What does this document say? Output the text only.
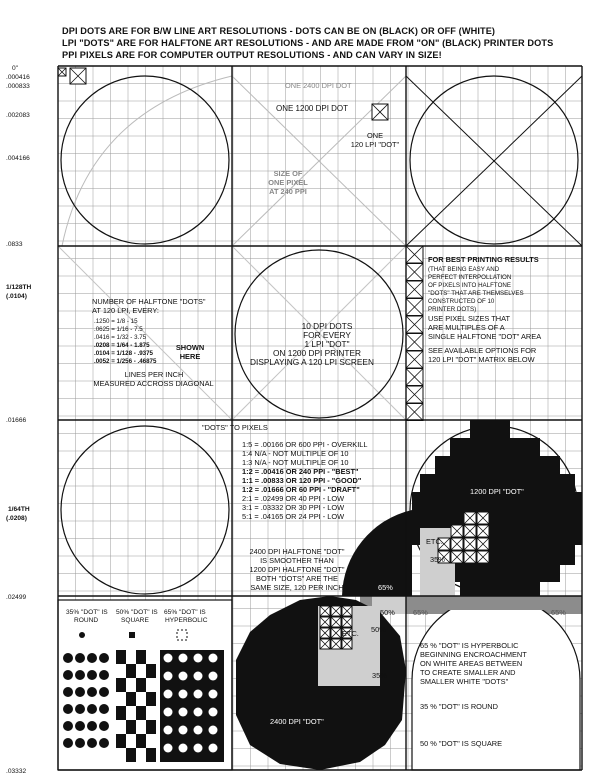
DPI DOTS ARE FOR B/W LINE ART RESOLUTIONS - DOTS CAN BE ON (BLACK) OR OFF (WHITE)
LPI "DOTS" ARE FOR HALFTONE ART RESOLUTIONS - AND ARE MADE FROM "ON" (BLACK) PRINTER DOTS
PPI PIXELS ARE FOR COMPUTER OUTPUT RESOLUTIONS - AND CAN VARY IN SIZE!
0"
.000416
.000833
.002083
.004166
.0833
1/128TH
(.0104)
.01666
1/64TH
(.0208)
.02499
.03332
ONE 2400 DPI DOT
ONE 1200 DPI DOT
ONE
120 LPI "DOT"
SIZE OF
ONE PIXEL
AT 240 PPI
NUMBER OF HALFTONE "DOTS"
AT 120 LPI, EVERY:
.1250 = 1/8 - 15
.0625 = 1/16 - 7.5
.0416 = 1/32 - 3.75
.0208 = 1/64 - 1.875
.0104 = 1/128 - .9375
.0052 = 1/256 - .46875
SHOWN
HERE
LINES PER INCH
MEASURED ACCROSS DIAGONAL
10 DPI DOTS
FOR EVERY
1 LPI "DOT"
ON 1200 DPI PRINTER
DISPLAYING A 120 LPI SCREEN
FOR BEST PRINTING RESULTS
(THAT BEING EASY AND
PERFECT INTERPOLLATION
OF PIXELS INTO HALFTONE
"DOTS" THAT ARE THEMSELVES
CONSTRUCTED OF 10
PRINTER DOTS)
USE PIXEL SIZES THAT
ARE MULTIPLES OF A
SINGLE HALFTONE "DOT" AREA
SEE AVAILABLE OPTIONS FOR
120 LPI "DOT" MATRIX BELOW
"DOTS" TO PIXELS
1:5 = .00166 OR 600 PPI - OVERKILL
1:4 N/A - NOT MULTIPLE OF 10
1:3 N/A - NOT MULTIPLE OF 10
1:2 = .00416 OR 240 PPI - "BEST"
1:1 = .00833 OR 120 PPI - "GOOD"
1:2 = .01666 OR 60 PPI - "DRAFT"
2:1 = .02499 OR 40 PPI - LOW
3:1 = .03332 OR 30 PPI - LOW
5:1 = .04165 OR 24 PPI - LOW
2400 DPI HALFTONE "DOT"
IS SMOOTHER THAN
1200 DPI HALFTONE "DOT"
BOTH "DOTS" ARE THE
SAME SIZE, 120 PER INCH
1200 DPI "DOT"
ETC.
35%
65%
50% 65%	65%
ETC.
35%
50%
2400 DPI "DOT"
35% "DOT" IS
ROUND
50% "DOT" IS
SQUARE
65% "DOT" IS
HYPERBOLIC
65 % "DOT" IS HYPERBOLIC
BEGINNING ENCROACHMENT
ON WHITE AREAS BETWEEN
TO CREATE SMALLER AND
SMALLER WHITE "DOTS"
35 % "DOT" IS ROUND
50 % "DOT" IS SQUARE
